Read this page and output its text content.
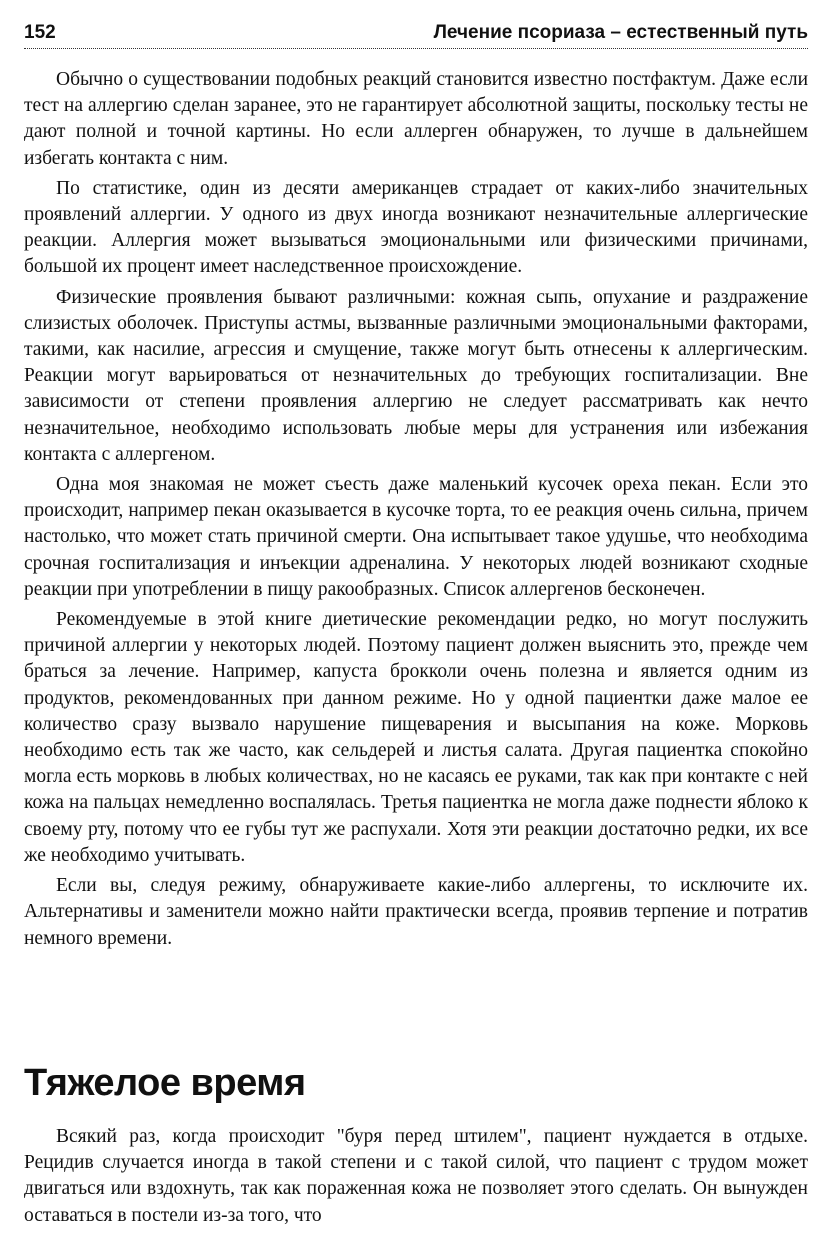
152	Лечение псориаза – естественный путь

Обычно о существовании подобных реакций становится известно постфактум. Даже если тест на аллергию сделан заранее, это не гарантирует абсолютной защиты, поскольку тесты не дают полной и точной картины. Но если аллерген обнаружен, то лучше в дальнейшем избегать контакта с ним.

По статистике, один из десяти американцев страдает от каких-либо значительных проявлений аллергии. У одного из двух иногда возникают незначительные аллергические реакции. Аллергия может вызываться эмоциональными или физическими причинами, большой их процент имеет наследственное происхождение.

Физические проявления бывают различными: кожная сыпь, опухание и раздражение слизистых оболочек. Приступы астмы, вызванные различными эмоциональными факторами, такими, как насилие, агрессия и смущение, также могут быть отнесены к аллергическим. Реакции могут варьироваться от незначительных до требующих госпитализации. Вне зависимости от степени проявления аллергию не следует рассматривать как нечто незначительное, необходимо использовать любые меры для устранения или избежания контакта с аллергеном.

Одна моя знакомая не может съесть даже маленький кусочек ореха пекан. Если это происходит, например пекан оказывается в кусочке торта, то ее реакция очень сильна, причем настолько, что может стать причиной смерти. Она испытывает такое удушье, что необходима срочная госпитализация и инъекции адреналина. У некоторых людей возникают сходные реакции при употреблении в пищу ракообразных. Список аллергенов бесконечен.

Рекомендуемые в этой книге диетические рекомендации редко, но могут послужить причиной аллергии у некоторых людей. Поэтому пациент должен выяснить это, прежде чем браться за лечение. Например, капуста брокколи очень полезна и является одним из продуктов, рекомендованных при данном режиме. Но у одной пациентки даже малое ее количество сразу вызвало нарушение пищеварения и высыпания на коже. Морковь необходимо есть так же часто, как сельдерей и листья салата. Другая пациентка спокойно могла есть морковь в любых количествах, но не касаясь ее руками, так как при контакте с ней кожа на пальцах немедленно воспалялась. Третья пациентка не могла даже поднести яблоко к своему рту, потому что ее губы тут же распухали. Хотя эти реакции достаточно редки, их все же необходимо учитывать.

Если вы, следуя режиму, обнаруживаете какие-либо аллергены, то исключите их. Альтернативы и заменители можно найти практически всегда, проявив терпение и потратив немного времени.

Тяжелое время

Всякий раз, когда происходит "буря перед штилем", пациент нуждается в отдыхе. Рецидив случается иногда в такой степени и с такой силой, что пациент с трудом может двигаться или вздохнуть, так как пораженная кожа не позволяет этого сделать. Он вынужден оставаться в постели из-за того, что
